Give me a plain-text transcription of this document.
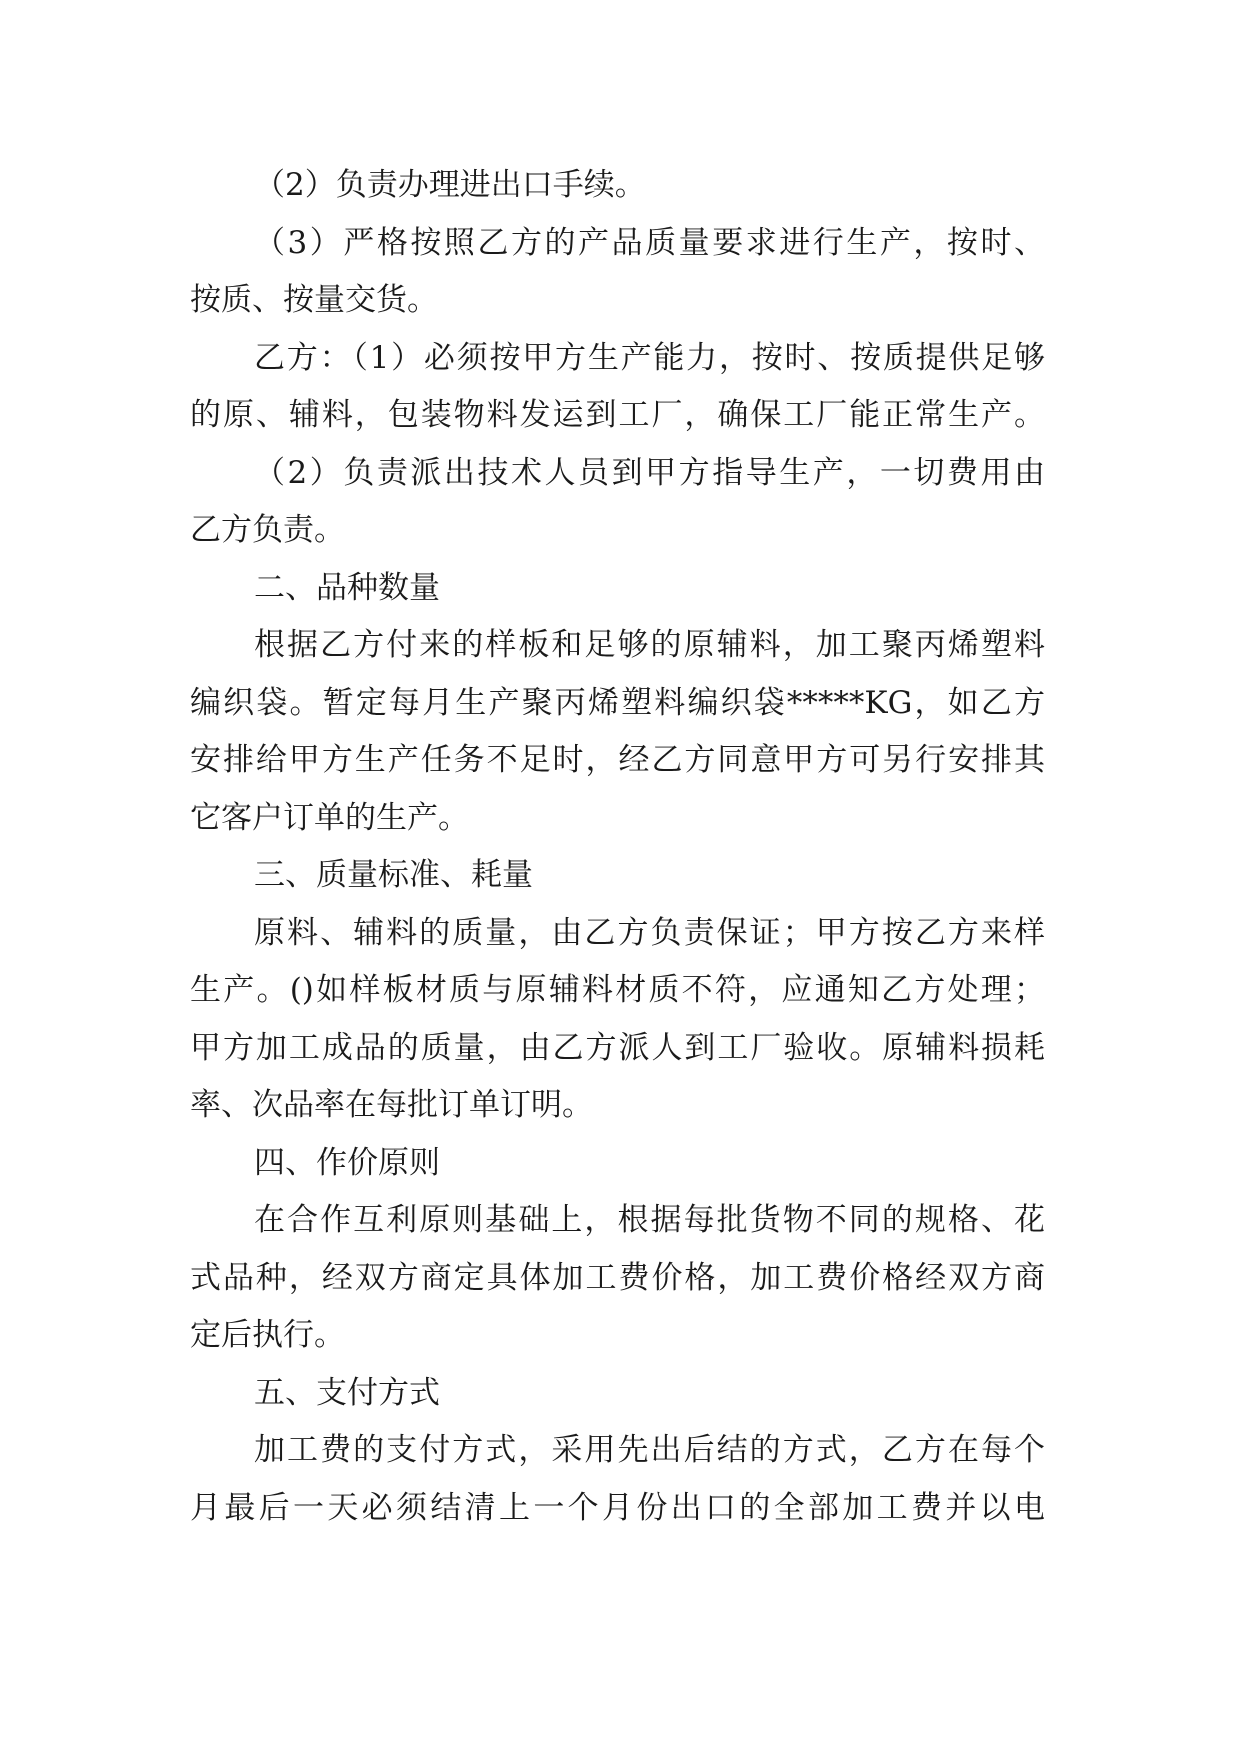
（2）负责办理进出口手续。

（3）严格按照乙方的产品质量要求进行生产，按时、

按质、按量交货。

乙方：（1）必须按甲方生产能力，按时、按质提供足够

的原、辅料，包装物料发运到工厂，确保工厂能正常生产。

（2）负责派出技术人员到甲方指导生产，一切费用由

乙方负责。

二、品种数量

根据乙方付来的样板和足够的原辅料，加工聚丙烯塑料

编织袋。暂定每月生产聚丙烯塑料编织袋*****KG，如乙方

安排给甲方生产任务不足时，经乙方同意甲方可另行安排其

它客户订单的生产。

三、质量标准、耗量

原料、辅料的质量，由乙方负责保证；甲方按乙方来样

生产。()如样板材质与原辅料材质不符，应通知乙方处理；

甲方加工成品的质量，由乙方派人到工厂验收。原辅料损耗

率、次品率在每批订单订明。

四、作价原则

在合作互利原则基础上，根据每批货物不同的规格、花

式品种，经双方商定具体加工费价格，加工费价格经双方商

定后执行。

五、支付方式

加工费的支付方式，采用先出后结的方式，乙方在每个

月最后一天必须结清上一个月份出口的全部加工费并以电
